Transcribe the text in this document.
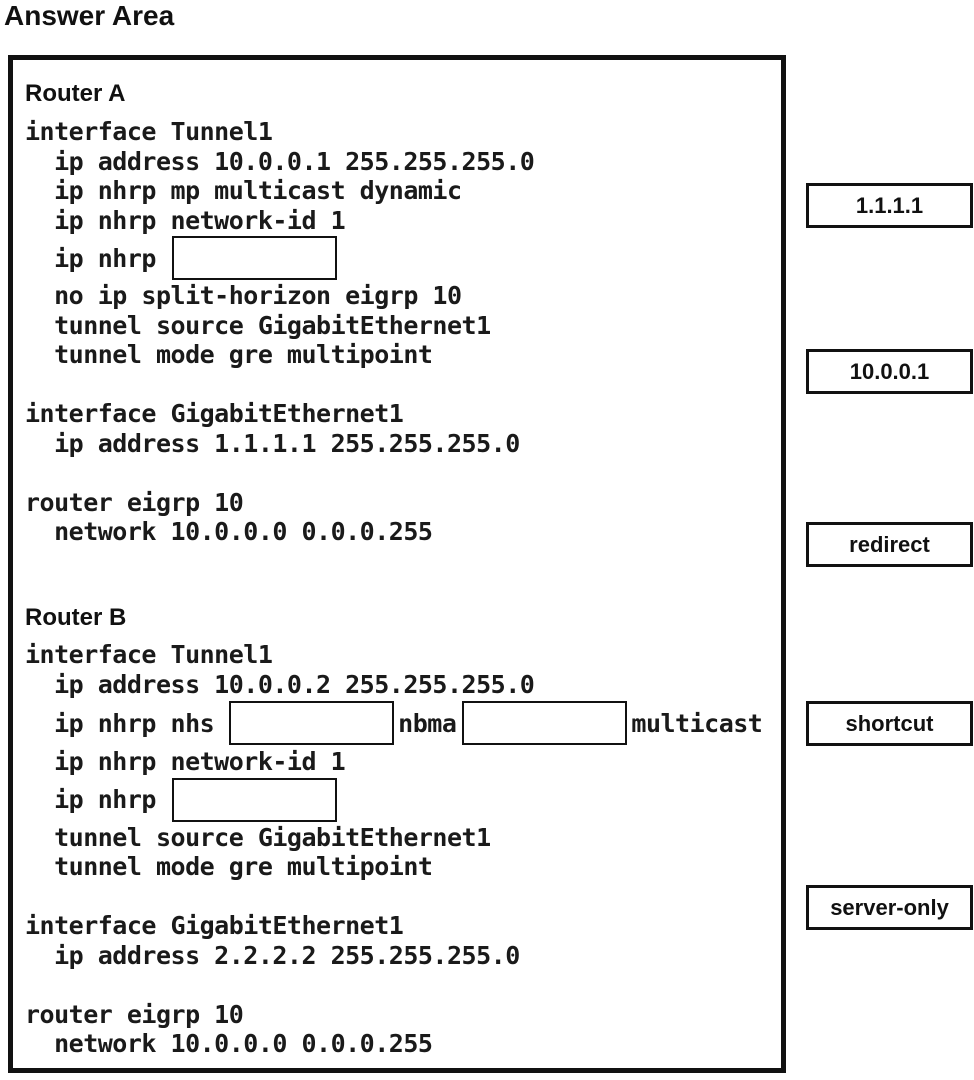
Answer Area
Router A
interface Tunnel1
ip address 10.0.0.1 255.255.255.0
ip nhrp mp multicast dynamic
ip nhrp network-id 1
ip nhrp
no ip split-horizon eigrp 10
tunnel source GigabitEthernet1
tunnel mode gre multipoint
interface GigabitEthernet1
ip address 1.1.1.1 255.255.255.0
router eigrp 10
network 10.0.0.0 0.0.0.255
Router B
interface Tunnel1
ip address 10.0.0.2 255.255.255.0
ip nhrp nhs	nbma	multicast
ip nhrp network-id 1
ip nhrp
tunnel source GigabitEthernet1
tunnel mode gre multipoint
interface GigabitEthernet1
ip address 2.2.2.2 255.255.255.0
router eigrp 10
network 10.0.0.0 0.0.0.255
1.1.1.1
10.0.0.1
redirect
shortcut
server-only
